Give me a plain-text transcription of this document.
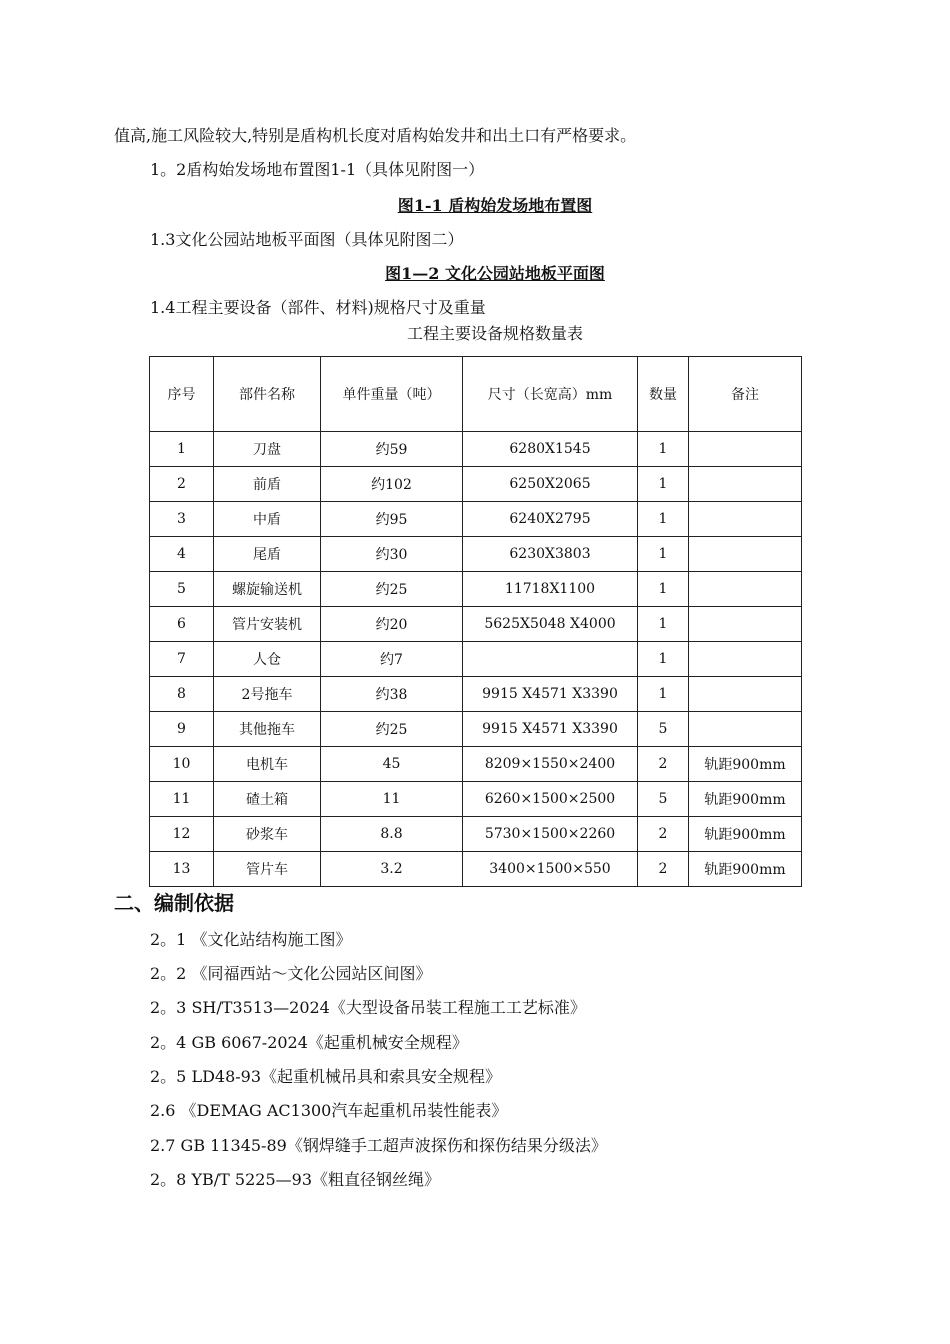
值高,施工风险较大,特别是盾构机长度对盾构始发井和出土口有严格要求。
1。2盾构始发场地布置图1-1（具体见附图一）
图1-1 盾构始发场地布置图
1.3文化公园站地板平面图（具体见附图二）
图1—2 文化公园站地板平面图
1.4工程主要设备（部件、材料)规格尺寸及重量
工程主要设备规格数量表
序号	部件名称	单件重量（吨）	尺寸（长宽高）mm	数量	备注
1	刀盘	约59	6280X1545	1	
2	前盾	约102	6250X2065	1	
3	中盾	约95	6240X2795	1	
4	尾盾	约30	6230X3803	1	
5	螺旋输送机	约25	11718X1100	1	
6	管片安装机	约20	5625X5048 X4000	1	
7	人仓	约7		1	
8	2号拖车	约38	9915 X4571 X3390	1	
9	其他拖车	约25	9915 X4571 X3390	5	
10	电机车	45	8209×1550×2400	2	轨距900mm
11	碴土箱	11	6260×1500×2500	5	轨距900mm
12	砂浆车	8.8	5730×1500×2260	2	轨距900mm
13	管片车	3.2	3400×1500×550	2	轨距900mm
二、编制依据
2。1 《文化站结构施工图》
2。2 《同福西站～文化公园站区间图》
2。3 SH/T3513—2024《大型设备吊装工程施工工艺标准》
2。4 GB 6067-2024《起重机械安全规程》
2。5 LD48-93《起重机械吊具和索具安全规程》
2.6 《DEMAG AC1300汽车起重机吊装性能表》
2.7 GB 11345-89《钢焊缝手工超声波探伤和探伤结果分级法》
2。8 YB/T 5225—93《粗直径钢丝绳》
